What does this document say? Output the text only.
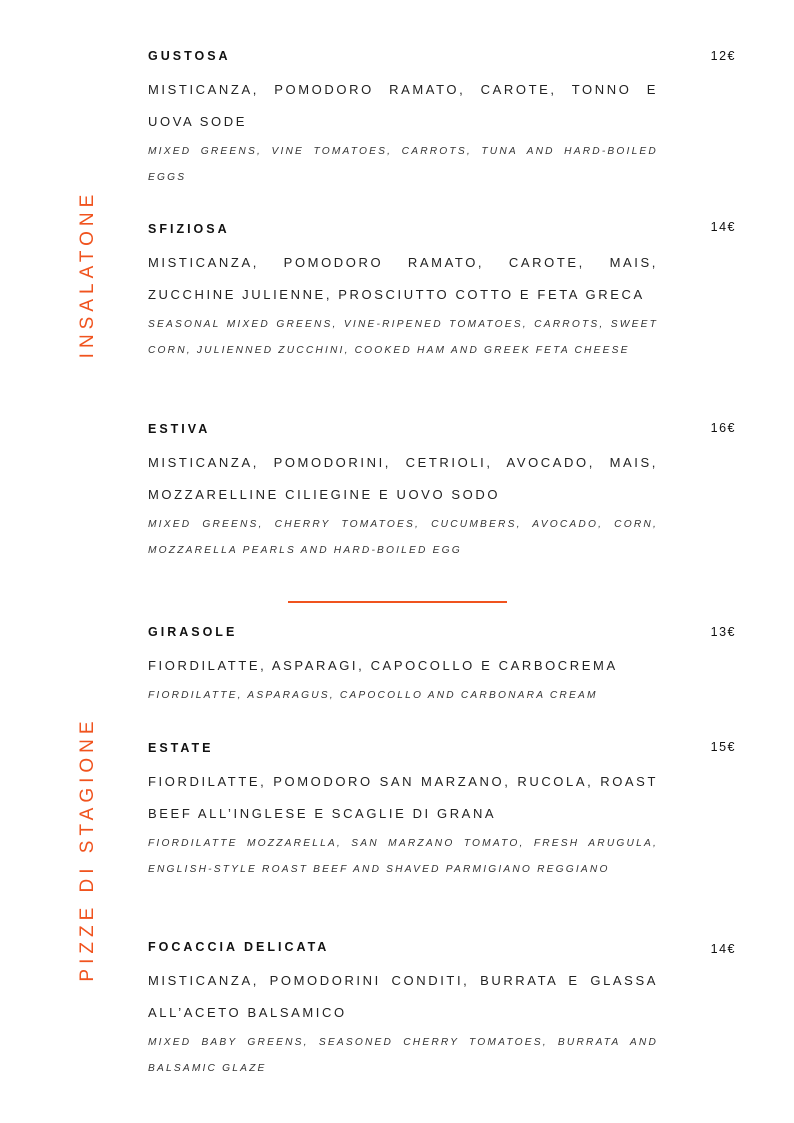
INSALATONE
PIZZE DI STAGIONE
GUSTOSA
MISTICANZA, POMODORO RAMATO, CAROTE, TONNO E UOVA SODE
MIXED GREENS, VINE TOMATOES, CARROTS, TUNA AND HARD-BOILED EGGS
12€
SFIZIOSA
MISTICANZA, POMODORO RAMATO, CAROTE, MAIS, ZUCCHINE JULIENNE, PROSCIUTTO COTTO E FETA GRECA
SEASONAL MIXED GREENS, VINE-RIPENED TOMATOES, CARROTS, SWEET CORN, JULIENNED ZUCCHINI, COOKED HAM AND GREEK FETA CHEESE
14€
ESTIVA
MISTICANZA, POMODORINI, CETRIOLI, AVOCADO, MAIS, MOZZARELLINE CILIEGINE E UOVO SODO
MIXED GREENS, CHERRY TOMATOES, CUCUMBERS, AVOCADO, CORN, MOZZARELLA PEARLS AND HARD-BOILED EGG
16€
GIRASOLE
FIORDILATTE, ASPARAGI, CAPOCOLLO E CARBOCREMA
FIORDILATTE, ASPARAGUS, CAPOCOLLO AND CARBONARA CREAM
13€
ESTATE
FIORDILATTE, POMODORO SAN MARZANO, RUCOLA, ROAST BEEF ALL’INGLESE E SCAGLIE DI GRANA
FIORDILATTE MOZZARELLA, SAN MARZANO TOMATO, FRESH ARUGULA, ENGLISH-STYLE ROAST BEEF AND SHAVED PARMIGIANO REGGIANO
15€
FOCACCIA DELICATA
MISTICANZA, POMODORINI CONDITI, BURRATA E GLASSA ALL’ACETO BALSAMICO
MIXED BABY GREENS, SEASONED CHERRY TOMATOES, BURRATA AND BALSAMIC GLAZE
14€
